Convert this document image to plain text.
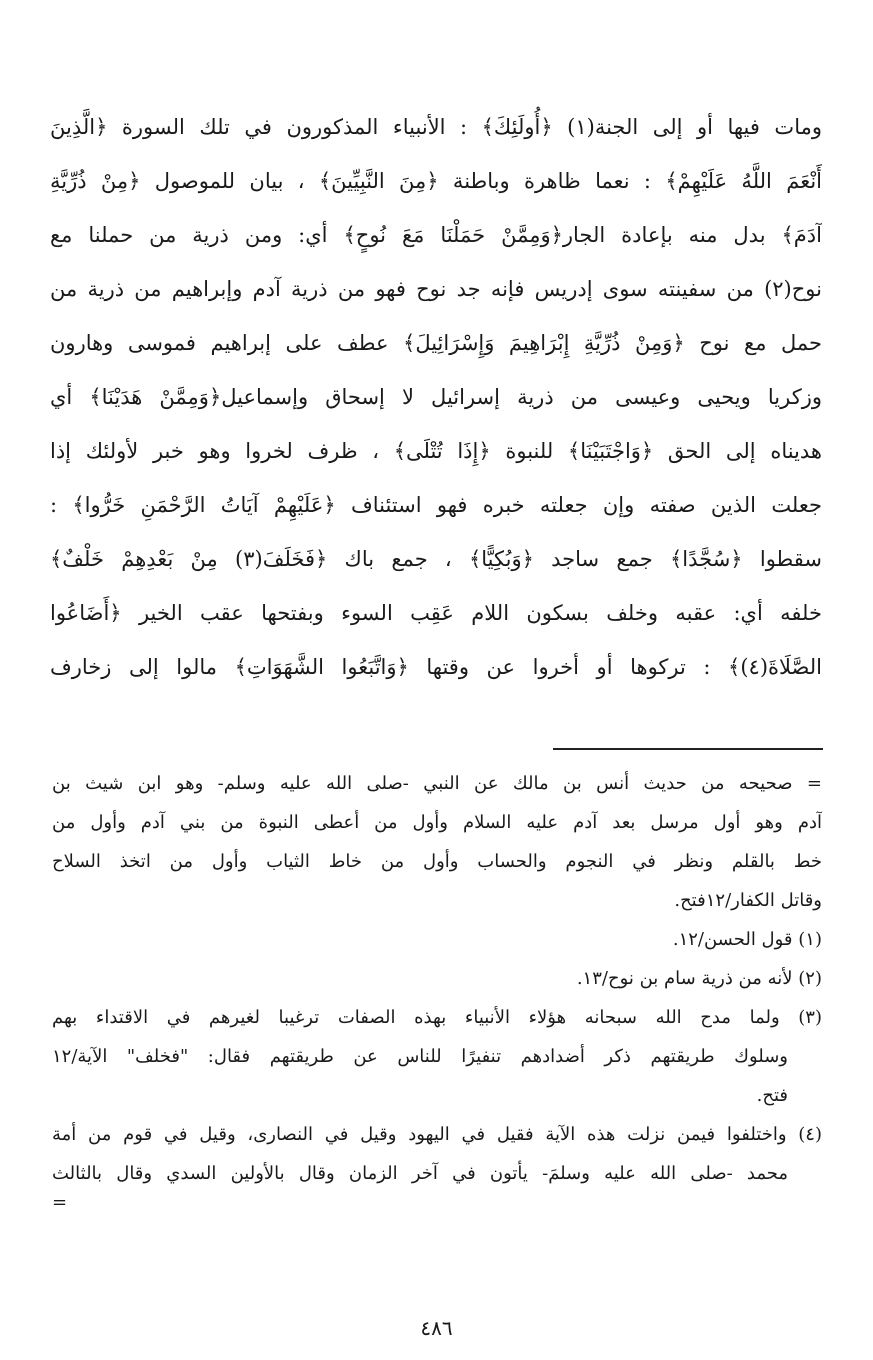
ومات فيها أو إلى الجنة(١) ﴿أُولَئِكَ﴾ : الأنبياء المذكورون في تلك السورة ﴿الَّذِينَ
أَنْعَمَ اللَّهُ عَلَيْهِمْ﴾ : نعما ظاهرة وباطنة ﴿مِنَ النَّبِيِّينَ﴾ ، بيان للموصول ﴿مِنْ ذُرِّيَّةِ
آدَمَ﴾ بدل منه بإعادة الجار﴿وَمِمَّنْ حَمَلْنَا مَعَ نُوحٍ﴾ أي: ومن ذرية من حملنا مع
نوح(٢) من سفينته سوى إدريس فإنه جد نوح فهو من ذرية آدم وإبراهيم من ذرية من
حمل مع نوح ﴿وَمِنْ ذُرِّيَّةِ إِبْرَاهِيمَ وَإِسْرَائِيلَ﴾ عطف على إبراهيم فموسى وهارون
وزكريا ويحيى وعيسى من ذرية إسرائيل لا إسحاق وإسماعيل﴿وَمِمَّنْ هَدَيْنَا﴾ أي
هديناه إلى الحق ﴿وَاجْتَبَيْنَا﴾ للنبوة ﴿إِذَا تُتْلَى﴾ ، ظرف لخروا وهو خبر لأولئك إذا
جعلت الذين صفته وإن جعلته خبره فهو استئناف ﴿عَلَيْهِمْ آيَاتُ الرَّحْمَنِ خَرُّوا﴾ :
سقطوا ﴿سُجَّدًا﴾ جمع ساجد ﴿وَبُكِيًّا﴾ ، جمع باك ﴿فَخَلَفَ(٣) مِنْ بَعْدِهِمْ خَلْفٌ﴾
خلفه أي: عقبه وخلف بسكون اللام عَقِب السوء وبفتحها عقب الخير ﴿أَضَاعُوا
الصَّلَاةَ(٤)﴾ : تركوها أو أخروا عن وقتها ﴿وَاتَّبَعُوا الشَّهَوَاتِ﴾ مالوا إلى زخارف
= صحيحه من حديث أنس بن مالك عن النبي -صلى الله عليه وسلم- وهو ابن شيث بن
آدم وهو أول مرسل بعد آدم عليه السلام وأول من أعطى النبوة من بني آدم وأول من
خط بالقلم ونظر في النجوم والحساب وأول من خاط الثياب وأول من اتخذ السلاح
وقاتل الكفار/١٢فتح.
(١) قول الحسن/١٢.
(٢) لأنه من ذرية سام بن نوح/١٣.
(٣) ولما مدح الله سبحانه هؤلاء الأنبياء بهذه الصفات ترغيبا لغيرهم في الاقتداء بهم
وسلوك طريقتهم ذكر أضدادهم تنفيرًا للناس عن طريقتهم فقال: "فخلف" الآية/١٢
فتح.
(٤) واختلفوا فيمن نزلت هذه الآية فقيل في اليهود وقيل في النصارى، وقيل في قوم من أمة
محمد -صلى الله عليه وسلمَ- يأتون في آخر الزمان وقال بالأولين السدي وقال بالثالث
=
٤٨٦
